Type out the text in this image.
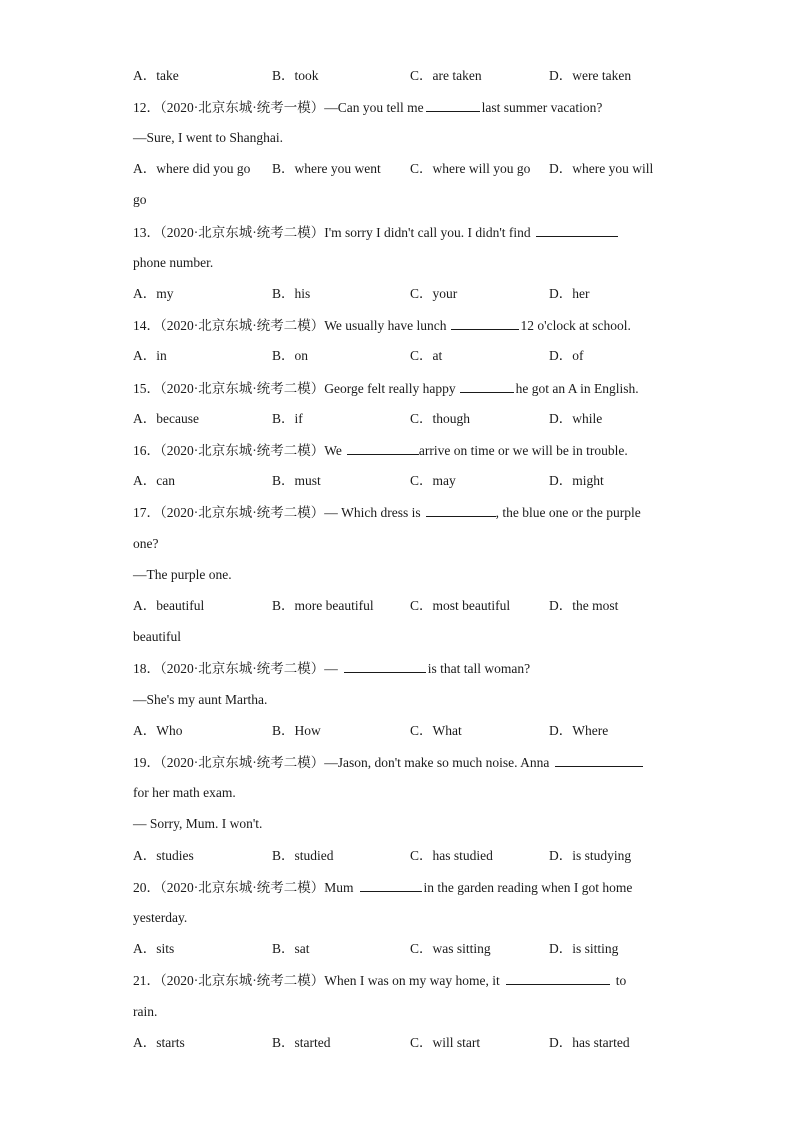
A．take	B．took	C．are taken	D．were taken
12．（2020·北京东城·统考一模）—Can you tell me	last summer vacation?
—Sure, I went to Shanghai.
A．where did you go B．where you went C．where will you go D．where you will
go
13．（2020·北京东城·统考二模）I'm sorry I didn't call you. I didn't find
phone number.
A．my	B．his	C．your	D．her
14．（2020·北京东城·统考二模）We usually have lunch	12 o'clock at school.
A．in	B．on	C．at	D．of
15．（2020·北京东城·统考二模）George felt really happy	he got an A in English.
A．because	B．if	C．though	D．while
16．（2020·北京东城·统考二模）We	arrive on time or we will be in trouble.
A．can	B．must	C．may	D．might
17．（2020·北京东城·统考二模）— Which dress is	, the blue one or the purple
one?
—The purple one.
A．beautiful	B．more beautiful	C．most beautiful	D．the most
beautiful
18．（2020·北京东城·统考二模）—	is that tall woman?
—She's my aunt Martha.
A．Who	B．How	C．What	D．Where
19．（2020·北京东城·统考二模）—Jason, don't make so much noise. Anna
for her math exam.
— Sorry, Mum. I won't.
A．studies	B．studied	C．has studied	D．is studying
20．（2020·北京东城·统考二模）Mum	in the garden reading when I got home
yesterday.
A．sits	B．sat	C．was sitting	D．is sitting
21．（2020·北京东城·统考二模）When I was on my way home, it	to
rain.
A．starts	B．started	C．will start	D．has started
